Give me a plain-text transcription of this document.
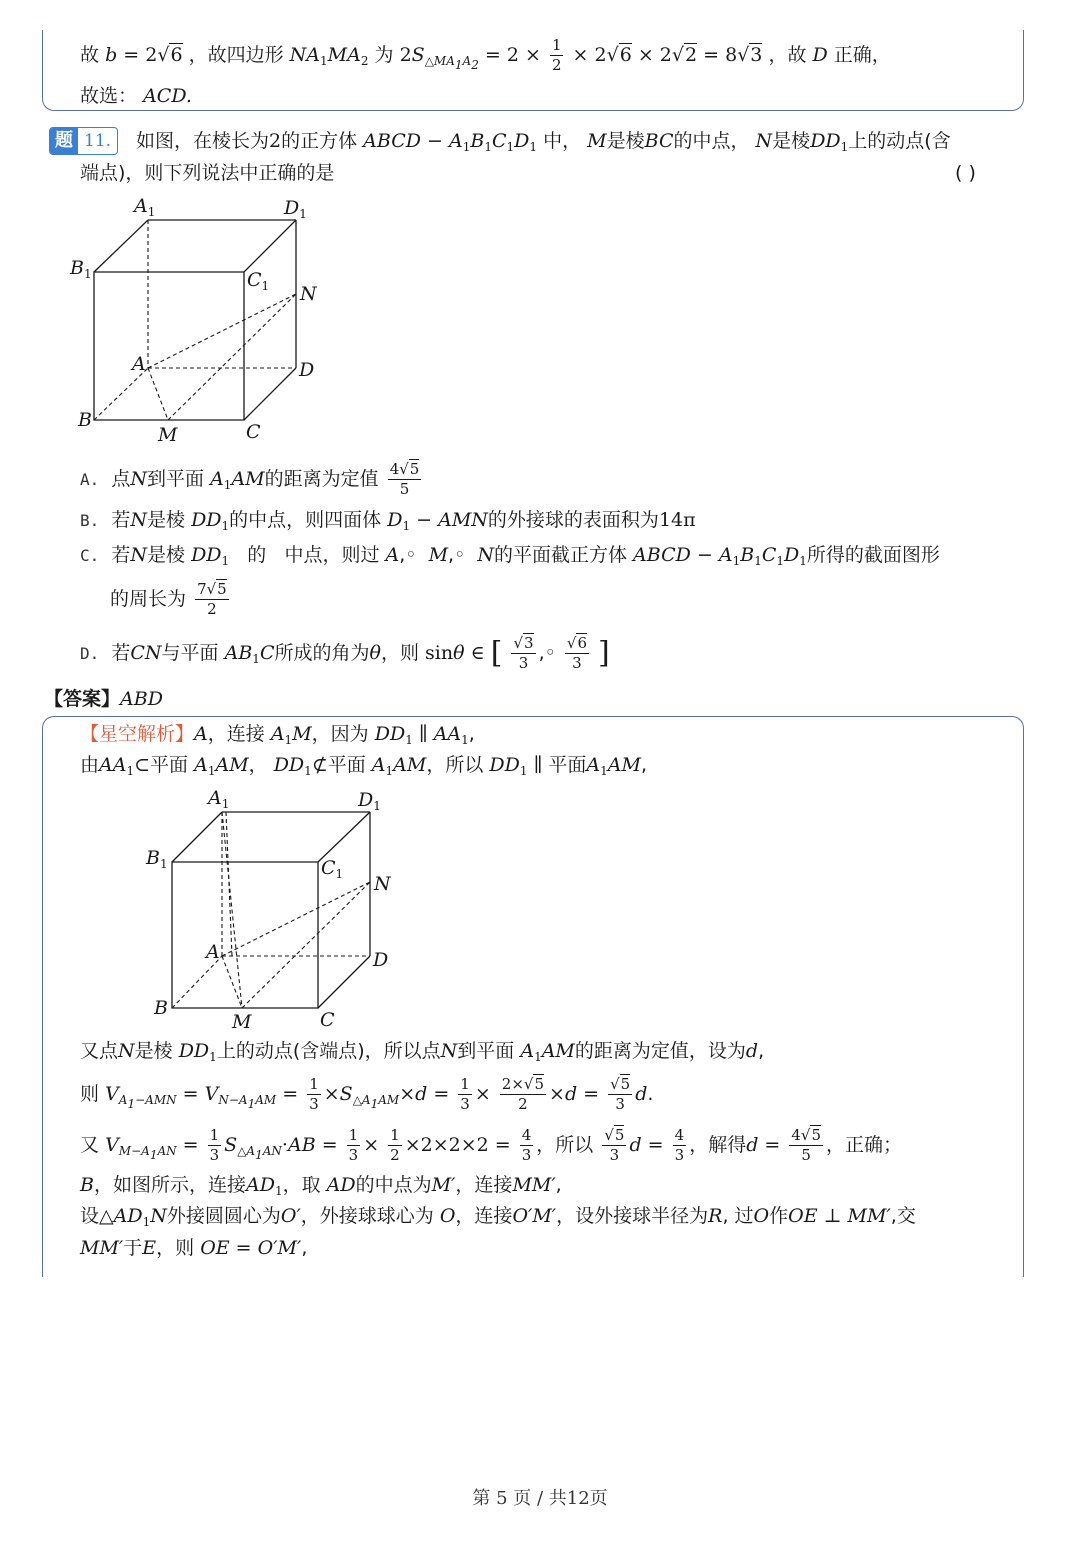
故 b = 2√6 ，故四边形 $NA_1MA_2$ 为 $2S_{\triangle MA_1A_2} = 2 \times \frac{1}{2} \times 2√6 \times 2√2 = 8√3$ ，故 D 正确，
故选： ACD.
题 11.	如图，在棱长为2的正方体 ABCD − $A_1B_1C_1D_1$ 中， M是棱BC的中点， N是棱$DD_1$上的动点(含
端点)，则下列说法中正确的是	( )
$A_1$	$D_1$
$B_1$	$C_1$ N
A	D
B
M	C
A. 点N到平面 $A_1AM$的距离为定值 $\frac{4√5}{5}$
B. 若N是棱 $DD_1$的中点，则四面体 $D_1$ − AMN的外接球的表面积为14π
C. 若N是棱 $DD_1$ 的 中点，则过 A,◦  M,◦  N的平面截正方体 ABCD − $A_1B_1C_1D_1$所得的截面图形
的周长为 $\frac{7√5}{2}$
D. 若CN与平面 $AB_1C$所成的角为θ，则 sinθ ∈ [ $\frac{√3}{3}$ ,◦ $\frac{√6}{3}$ ]
【答案】ABD
【星空解析】A，连接 $A_1M$，因为 $DD_1$ ∥ $AA_1$,
由$AA_1\subset$平面 $A_1AM$， $DD_1⊄$平面 $A_1AM$，所以 $DD_1$ ∥ 平面$A_1AM$,
$A_1$	$D_1$
$B_1$	$C_1$ N
A	D
B
M	C
又点N是棱 $DD_1$上的动点(含端点)，所以点N到平面 $A_1AM$的距离为定值，设为d,
则 $V_{A_1-AMN} = V_{N-A_1AM} = \frac{1}{3} \times S_{\triangle A_1AM}\times d = \frac{1}{3} \times \frac{2\times√5}{2} \times d = \frac{√5}{3} d$.
又 $V_{M-A_1AN} = \frac{1}{3} S_{\triangle A_1AN}\cdot AB = \frac{1}{3} \times \frac{1}{2} \times 2\times 2\times 2 = \frac{4}{3}$ ，所以 $\frac{√5}{3}$ $d = \frac{4}{3}$ ，解得$d = \frac{4√5}{5}$ ，正确；
B，如图所示，连接$AD_1$，取 AD的中点为M′，连接MM′,
设$\triangle AD_1N$外接圆圆心为O′，外接球球心为 O，连接O′M′，设外接球半径为R, 过O作OE ⊥ MM′,交
MM′于E，则 OE = O′M′,
第 5 页 / 共12页
